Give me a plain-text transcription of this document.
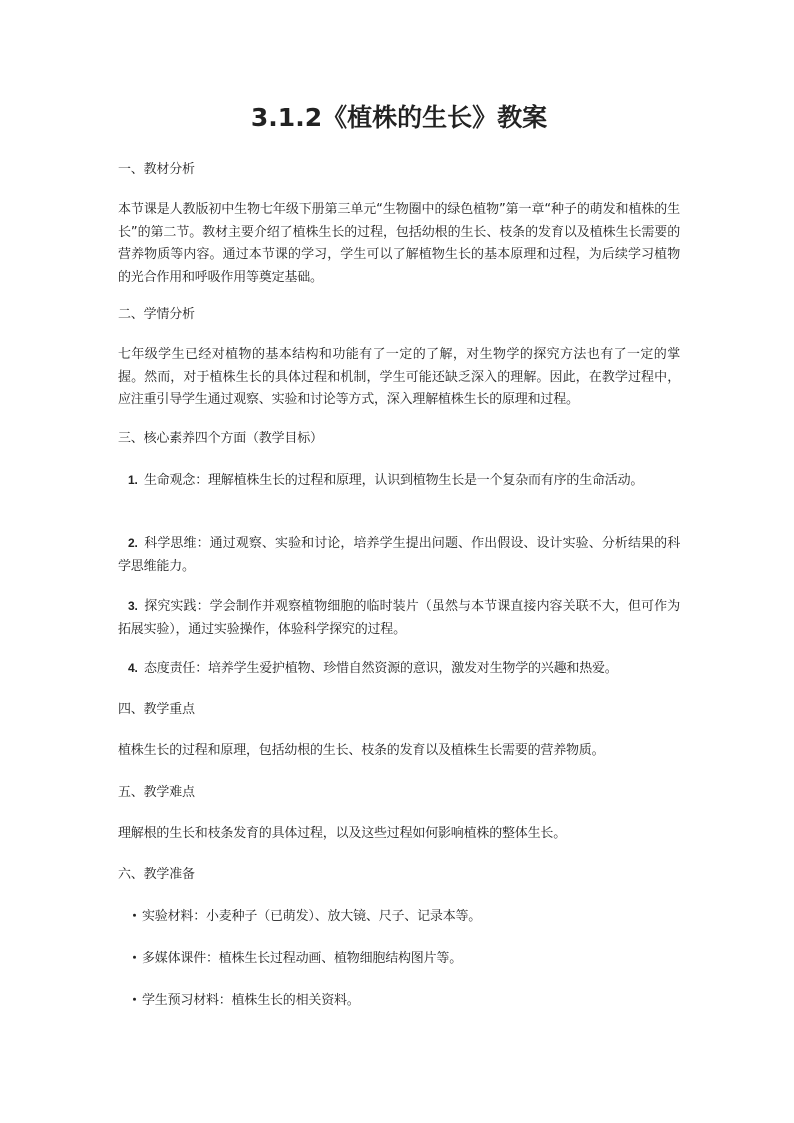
3.1.2《植株的生长》教案
一、教材分析
本节课是人教版初中生物七年级下册第三单元“生物圈中的绿色植物”第一章“种子的萌发和植株的生长”的第二节。教材主要介绍了植株生长的过程，包括幼根的生长、枝条的发育以及植株生长需要的营养物质等内容。通过本节课的学习，学生可以了解植物生长的基本原理和过程，为后续学习植物的光合作用和呼吸作用等奠定基础。
二、学情分析
七年级学生已经对植物的基本结构和功能有了一定的了解，对生物学的探究方法也有了一定的掌握。然而，对于植株生长的具体过程和机制，学生可能还缺乏深入的理解。因此，在教学过程中，应注重引导学生通过观察、实验和讨论等方式，深入理解植株生长的原理和过程。
三、核心素养四个方面（教学目标）
1. 生命观念：理解植株生长的过程和原理，认识到植物生长是一个复杂而有序的生命活动。
2. 科学思维：通过观察、实验和讨论，培养学生提出问题、作出假设、设计实验、分析结果的科学思维能力。
3. 探究实践：学会制作并观察植物细胞的临时装片（虽然与本节课直接内容关联不大，但可作为拓展实验），通过实验操作，体验科学探究的过程。
4. 态度责任：培养学生爱护植物、珍惜自然资源的意识，激发对生物学的兴趣和热爱。
四、教学重点
植株生长的过程和原理，包括幼根的生长、枝条的发育以及植株生长需要的营养物质。
五、教学难点
理解根的生长和枝条发育的具体过程，以及这些过程如何影响植株的整体生长。
六、教学准备
・实验材料：小麦种子（已萌发）、放大镜、尺子、记录本等。
・多媒体课件：植株生长过程动画、植物细胞结构图片等。
・学生预习材料：植株生长的相关资料。
